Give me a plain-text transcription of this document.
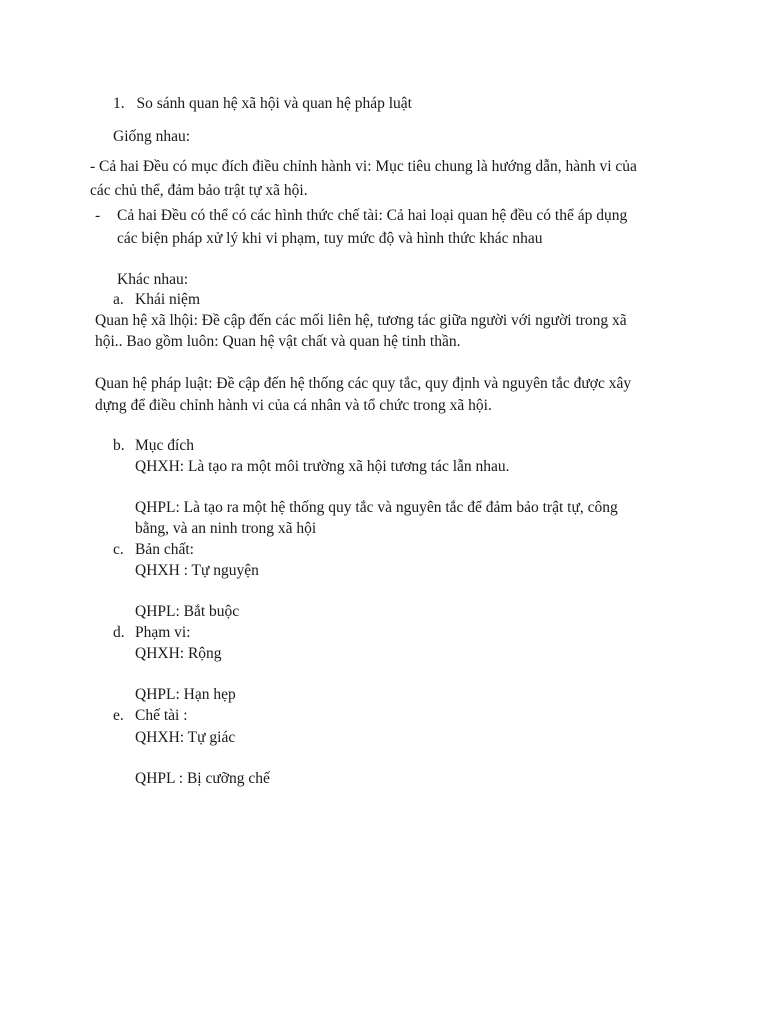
1. So sánh quan hệ xã hội và quan hệ pháp luật

Giống nhau:

- Cả hai Đều có mục đích điều chỉnh hành vi: Mục tiêu chung là hướng dẫn, hành vi của

các chủ thể, đảm bảo trật tự xã hội.

- Cả hai Đều có thể có các hình thức chế tài: Cả hai loại quan hệ đều có thể áp dụng

các biện pháp xử lý khi vi phạm, tuy mức độ và hình thức khác nhau

Khác nhau:

a. Khái niệm

Quan hệ xã lhội: Đề cập đến các mối liên hệ, tương tác giữa người với người trong xã

hội.. Bao gồm luôn: Quan hệ vật chất và quan hệ tinh thần.

Quan hệ pháp luật: Đề cập đến hệ thống các quy tắc, quy định và nguyên tắc được xây

dựng để điều chỉnh hành vi của cá nhân và tổ chức trong xã hội.

b. Mục đích

QHXH: Là tạo ra một môi trường xã hội tương tác lẫn nhau.

QHPL: Là tạo ra một hệ thống quy tắc và nguyên tắc để đảm bảo trật tự, công

bằng, và an ninh trong xã hội

c. Bản chất:

QHXH : Tự nguyện

QHPL: Bắt buộc

d. Phạm vi:

QHXH: Rộng

QHPL: Hạn hẹp

e. Chế tài :

QHXH: Tự giác

QHPL : Bị cưỡng chế
